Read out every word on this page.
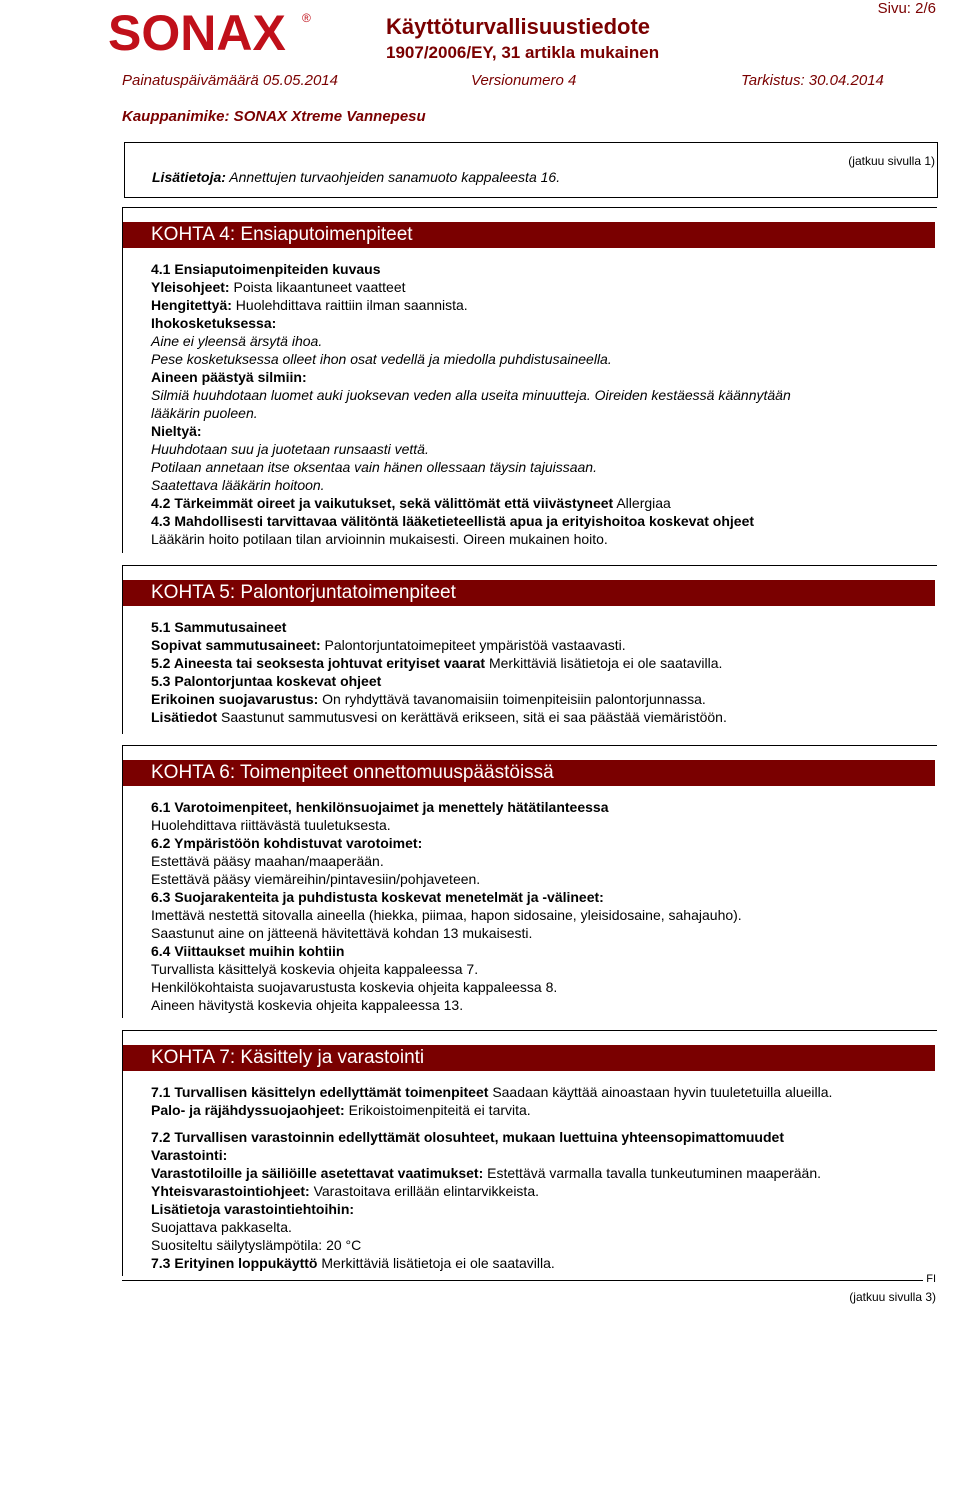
SONAX ®	Käyttöturvallisuustiedote
1907/2006/EY, 31 artikla mukainen
Sivu: 2/6
Painatuspäivämäärä 05.05.2014	Versionumero 4	Tarkistus: 30.04.2014
Kauppanimike: SONAX Xtreme Vannepesu
(jatkuu sivulla 1)
Lisätietoja: Annettujen turvaohjeiden sanamuoto kappaleesta 16.
KOHTA 4: Ensiaputoimenpiteet
4.1 Ensiaputoimenpiteiden kuvaus
Yleisohjeet: Poista likaantuneet vaatteet
Hengitettyä: Huolehdittava raittiin ilman saannista.
Ihokosketuksessa:
Aine ei yleensä ärsytä ihoa.
Pese kosketuksessa olleet ihon osat vedellä ja miedolla puhdistusaineella.
Aineen päästyä silmiin:
Silmiä huuhdotaan luomet auki juoksevan veden alla useita minuutteja. Oireiden kestäessä käännytään
lääkärin puoleen.
Nieltyä:
Huuhdotaan suu ja juotetaan runsaasti vettä.
Potilaan annetaan itse oksentaa vain hänen ollessaan täysin tajuissaan.
Saatettava lääkärin hoitoon.
4.2 Tärkeimmät oireet ja vaikutukset, sekä välittömät että viivästyneet Allergiaa
4.3 Mahdollisesti tarvittavaa välitöntä lääketieteellistä apua ja erityishoitoa koskevat ohjeet
Lääkärin hoito potilaan tilan arvioinnin mukaisesti. Oireen mukainen hoito.
KOHTA 5: Palontorjuntatoimenpiteet
5.1 Sammutusaineet
Sopivat sammutusaineet: Palontorjuntatoimepiteet ympäristöä vastaavasti.
5.2 Aineesta tai seoksesta johtuvat erityiset vaarat Merkittäviä lisätietoja ei ole saatavilla.
5.3 Palontorjuntaa koskevat ohjeet
Erikoinen suojavarustus: On ryhdyttävä tavanomaisiin toimenpiteisiin palontorjunnassa.
Lisätiedot Saastunut sammutusvesi on kerättävä erikseen, sitä ei saa päästää viemäristöön.
KOHTA 6: Toimenpiteet onnettomuuspäästöissä
6.1 Varotoimenpiteet, henkilönsuojaimet ja menettely hätätilanteessa
Huolehdittava riittävästä tuuletuksesta.
6.2 Ympäristöön kohdistuvat varotoimet:
Estettävä pääsy maahan/maaperään.
Estettävä pääsy viemäreihin/pintavesiin/pohjaveteen.
6.3 Suojarakenteita ja puhdistusta koskevat menetelmät ja -välineet:
Imettävä nestettä sitovalla aineella (hiekka, piimaa, hapon sidosaine, yleisidosaine, sahajauho).
Saastunut aine on jätteenä hävitettävä kohdan 13 mukaisesti.
6.4 Viittaukset muihin kohtiin
Turvallista käsittelyä koskevia ohjeita kappaleessa 7.
Henkilökohtaista suojavarustusta koskevia ohjeita kappaleessa 8.
Aineen hävitystä koskevia ohjeita kappaleessa 13.
KOHTA 7: Käsittely ja varastointi
7.1 Turvallisen käsittelyn edellyttämät toimenpiteet Saadaan käyttää ainoastaan hyvin tuuletetuilla alueilla.
Palo- ja räjähdyssuojaohjeet: Erikoistoimenpiteitä ei tarvita.
7.2 Turvallisen varastoinnin edellyttämät olosuhteet, mukaan luettuina yhteensopimattomuudet
Varastointi:
Varastotiloille ja säiliöille asetettavat vaatimukset: Estettävä varmalla tavalla tunkeutuminen maaperään.
Yhteisvarastointiohjeet: Varastoitava erillään elintarvikkeista.
Lisätietoja varastointiehtoihin:
Suojattava pakkaselta.
Suositeltu säilytyslämpötila: 20 °C
7.3 Erityinen loppukäyttö Merkittäviä lisätietoja ei ole saatavilla.
FI
(jatkuu sivulla 3)
